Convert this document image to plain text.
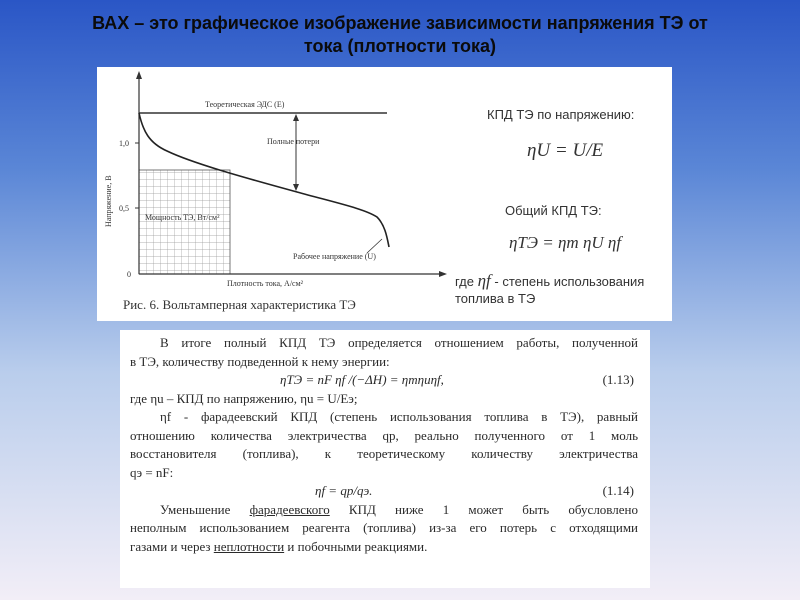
ВАХ – это графическое изображение зависимости напряжения ТЭ от
тока (плотности тока)
Теоретическая ЭДС (Е)
Полные потери
Мощность ТЭ, Вт/см²
Рабочее напряжение (U)
Плотность тока, А/см²
Напряжение, В
1,0
0,5
0
Рис. 6. Вольтамперная характеристика ТЭ
КПД ТЭ по напряжению:
ηU = U/E
Общий КПД ТЭ:
ηТЭ = ηт ηU ηf
где ηf - степень использования
топлива в ТЭ

В итоге полный КПД ТЭ определяется отношением работы, полученной

в ТЭ, количеству подведенной к нему энергии:

ηТЭ = nF ηf /(−ΔH) = ηтηuηf,	(1.13)

где ηu – КПД по напряжению, ηu = U/Eэ;

ηf - фарадеевский КПД (степень использования топлива в ТЭ), равный

отношению количества электричества qр, реально полученного от 1 моль

восстановителя (топлива), к теоретическому количеству электричества

qэ = nF:

ηf = qр/qэ.	(1.14)

Уменьшение фарадеевского КПД ниже 1 может быть обусловлено

неполным использованием реагента (топлива) из-за его потерь с отходящими

газами и через неплотности и побочными реакциями.
